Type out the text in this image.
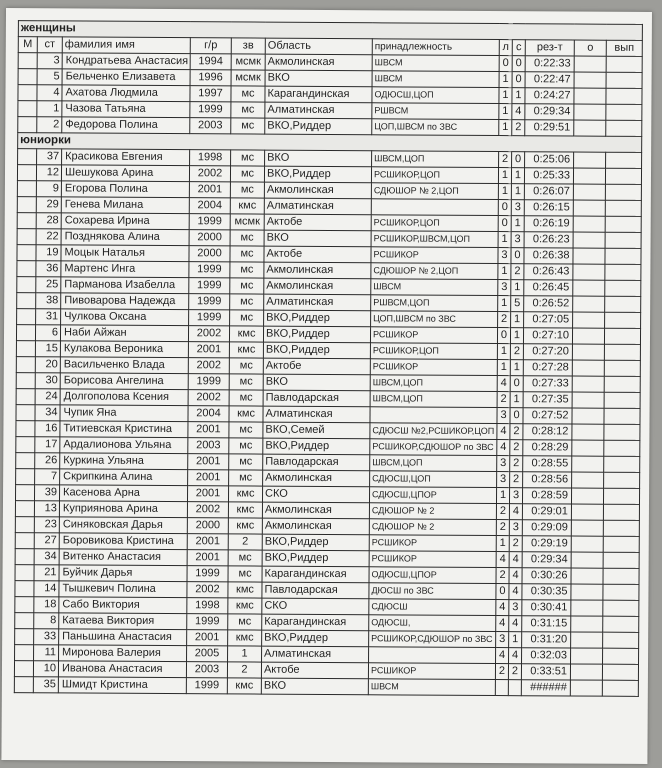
женщины											
М	ст	фамилия имя	г/р	зв	Область	принадлежность	л	с	рез-т	о	вып
	3	Кондратьева Анастасия	1994	мсмк	Акмолинская	ШВСМ	0	0	0:22:33		
	5	Бельченко Елизавета	1996	мсмк	ВКО	ШВСМ	1	0	0:22:47		
	4	Ахатова Людмила	1997	мс	Карагандинская	ОДЮСШ,ЦОП	1	1	0:24:27		
	1	Чазова Татьяна	1999	мс	Алматинская	РШВСМ	1	4	0:29:34		
	2	Федорова Полина	2003	мс	ВКО,Риддер	ЦОП,ШВСМ по ЗВС	1	2	0:29:51		
юниорки											
	37	Красикова Евгения	1998	мс	ВКО	ШВСМ,ЦОП	2	0	0:25:06		
	12	Шешукова Арина	2002	мс	ВКО,Риддер	РСШИКОР,ЦОП	1	1	0:25:33		
	9	Егорова Полина	2001	мс	Акмолинская	СДЮШОР № 2,ЦОП	1	1	0:26:07		
	29	Генева Милана	2004	кмс	Алматинская		0	3	0:26:15		
	28	Сохарева Ирина	1999	мсмк	Актобе	РСШИКОР,ЦОП	0	1	0:26:19		
	22	Позднякова Алина	2000	мс	ВКО	РСШИКОР,ШВСМ,ЦОП	1	3	0:26:23		
	19	Моцык Наталья	2000	мс	Актобе	РСШИКОР	3	0	0:26:38		
	36	Мартенс Инга	1999	мс	Акмолинская	СДЮШОР № 2,ЦОП	1	2	0:26:43		
	25	Парманова Изабелла	1999	мс	Акмолинская	ШВСМ	3	1	0:26:45		
	38	Пивоварова Надежда	1999	мс	Алматинская	РШВСМ,ЦОП	1	5	0:26:52		
	31	Чулкова Оксана	1999	мс	ВКО,Риддер	ЦОП,ШВСМ по ЗВС	2	1	0:27:05		
	6	Наби Айжан	2002	кмс	ВКО,Риддер	РСШИКОР	0	1	0:27:10		
	15	Кулакова Вероника	2001	кмс	ВКО,Риддер	РСШИКОР,ЦОП	1	2	0:27:20		
	20	Васильченко Влада	2002	мс	Актобе	РСШИКОР	1	1	0:27:28		
	30	Борисова Ангелина	1999	мс	ВКО	ШВСМ,ЦОП	4	0	0:27:33		
	24	Долгополова Ксения	2002	мс	Павлодарская	ШВСМ,ЦОП	2	1	0:27:35		
	34	Чупик Яна	2004	кмс	Алматинская		3	0	0:27:52		
	16	Титиевская Кристина	2001	мс	ВКО,Семей	СДЮСШ №2,РСШИКОР,ЦОП	4	2	0:28:12		
	17	Ардалионова Ульяна	2003	мс	ВКО,Риддер	РСШИКОР,СДЮШОР по ЗВС	4	2	0:28:29		
	26	Куркина Ульяна	2001	мс	Павлодарская	ШВСМ,ЦОП	3	2	0:28:55		
	7	Скрипкина Алина	2001	мс	Акмолинская	СДЮСШ,ЦОП	3	2	0:28:56		
	39	Касенова Арна	2001	кмс	СКО	СДЮСШ,ЦПОР	1	3	0:28:59		
	13	Куприянова Арина	2002	кмс	Акмолинская	СДЮШОР № 2	2	4	0:29:01		
	23	Синяковская Дарья	2000	кмс	Акмолинская	СДЮШОР № 2	2	3	0:29:09		
	27	Боровикова Кристина	2001	2	ВКО,Риддер	РСШИКОР	1	2	0:29:19		
	34	Витенко Анастасия	2001	мс	ВКО,Риддер	РСШИКОР	4	4	0:29:34		
	21	Буйчик Дарья	1999	мс	Карагандинская	ОДЮСШ,ЦПОР	2	4	0:30:26		
	14	Тышкевич Полина	2002	кмс	Павлодарская	ДЮСШ по ЗВС	0	4	0:30:35		
	18	Сабо Виктория	1998	кмс	СКО	СДЮСШ	4	3	0:30:41		
	8	Катаева Виктория	1999	мс	Карагандинская	ОДЮСШ,	4	4	0:31:15		
	33	Паньшина Анастасия	2001	кмс	ВКО,Риддер	РСШИКОР,СДЮШОР по ЗВС	3	1	0:31:20		
	11	Миронова Валерия	2005	1	Алматинская		4	4	0:32:03		
	10	Иванова Анастасия	2003	2	Актобе	РСШИКОР	2	2	0:33:51		
	35	Шмидт Кристина	1999	кмс	ВКО	ШВСМ			######		
